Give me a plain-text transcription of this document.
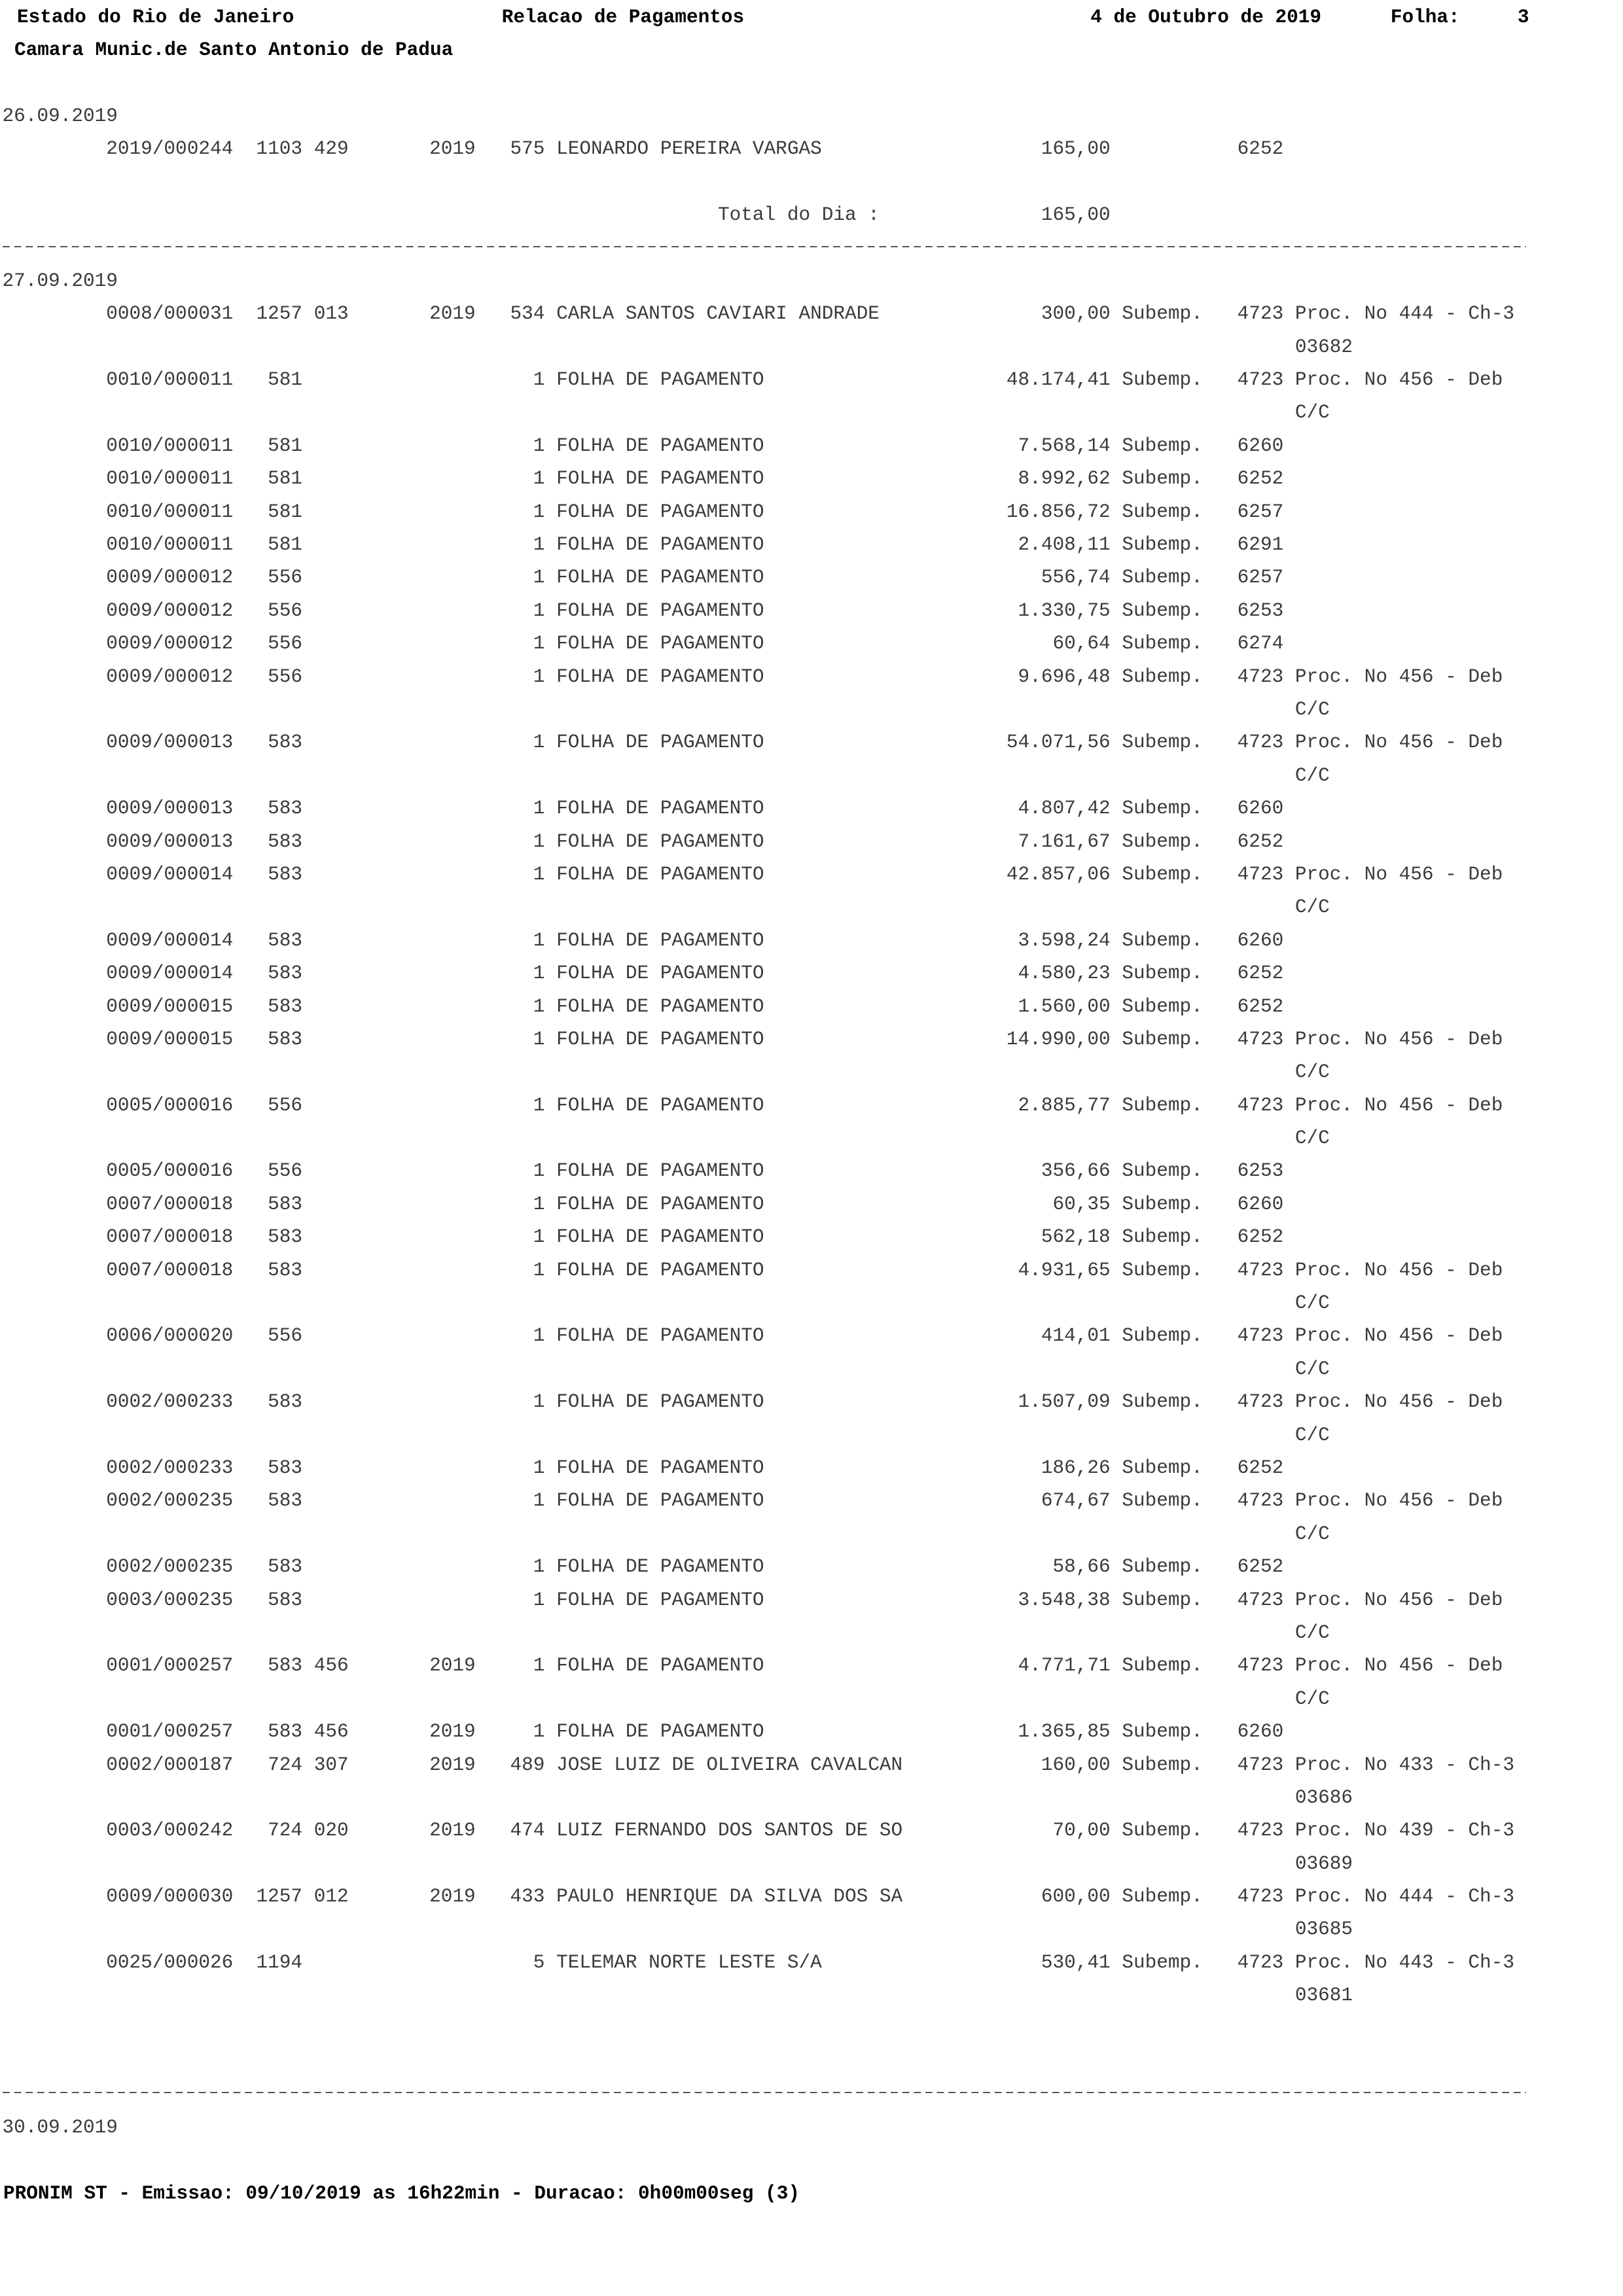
Estado do Rio de Janeiro	Relacao de Pagamentos	4 de Outubro de 2019	Folha:	3
Camara Munic.de Santo Antonio de Padua
26.09.2019
2019/000244 1103 429	2019	575 LEONARDO PEREIRA VARGAS	165,00	6252
Total do Dia :	165,00
27.09.2019
0008/000031 1257 013	2019	534 CARLA SANTOS CAVIARI ANDRADE	300,00 Subemp. 4723 Proc. No 444 - Ch-3
03682
0010/000011	581	1 FOLHA DE PAGAMENTO	48.174,41 Subemp. 4723 Proc. No 456 - Deb
C/C
0010/000011	581	1 FOLHA DE PAGAMENTO	7.568,14 Subemp. 6260
0010/000011	581	1 FOLHA DE PAGAMENTO	8.992,62 Subemp. 6252
0010/000011	581	1 FOLHA DE PAGAMENTO	16.856,72 Subemp. 6257
0010/000011	581	1 FOLHA DE PAGAMENTO	2.408,11 Subemp. 6291
0009/000012	556	1 FOLHA DE PAGAMENTO	556,74 Subemp. 6257
0009/000012	556	1 FOLHA DE PAGAMENTO	1.330,75 Subemp. 6253
0009/000012	556	1 FOLHA DE PAGAMENTO	60,64 Subemp. 6274
0009/000012	556	1 FOLHA DE PAGAMENTO	9.696,48 Subemp. 4723 Proc. No 456 - Deb
C/C
0009/000013	583	1 FOLHA DE PAGAMENTO	54.071,56 Subemp. 4723 Proc. No 456 - Deb
C/C
0009/000013	583	1 FOLHA DE PAGAMENTO	4.807,42 Subemp. 6260
0009/000013	583	1 FOLHA DE PAGAMENTO	7.161,67 Subemp. 6252
0009/000014	583	1 FOLHA DE PAGAMENTO	42.857,06 Subemp. 4723 Proc. No 456 - Deb
C/C
0009/000014	583	1 FOLHA DE PAGAMENTO	3.598,24 Subemp. 6260
0009/000014	583	1 FOLHA DE PAGAMENTO	4.580,23 Subemp. 6252
0009/000015	583	1 FOLHA DE PAGAMENTO	1.560,00 Subemp. 6252
0009/000015	583	1 FOLHA DE PAGAMENTO	14.990,00 Subemp. 4723 Proc. No 456 - Deb
C/C
0005/000016	556	1 FOLHA DE PAGAMENTO	2.885,77 Subemp. 4723 Proc. No 456 - Deb
C/C
0005/000016	556	1 FOLHA DE PAGAMENTO	356,66 Subemp. 6253
0007/000018	583	1 FOLHA DE PAGAMENTO	60,35 Subemp. 6260
0007/000018	583	1 FOLHA DE PAGAMENTO	562,18 Subemp. 6252
0007/000018	583	1 FOLHA DE PAGAMENTO	4.931,65 Subemp. 4723 Proc. No 456 - Deb
C/C
0006/000020	556	1 FOLHA DE PAGAMENTO	414,01 Subemp. 4723 Proc. No 456 - Deb
C/C
0002/000233	583	1 FOLHA DE PAGAMENTO	1.507,09 Subemp. 4723 Proc. No 456 - Deb
C/C
0002/000233	583	1 FOLHA DE PAGAMENTO	186,26 Subemp. 6252
0002/000235	583	1 FOLHA DE PAGAMENTO	674,67 Subemp. 4723 Proc. No 456 - Deb
C/C
0002/000235	583	1 FOLHA DE PAGAMENTO	58,66 Subemp. 6252
0003/000235	583	1 FOLHA DE PAGAMENTO	3.548,38 Subemp. 4723 Proc. No 456 - Deb
C/C
0001/000257	583 456	2019	1 FOLHA DE PAGAMENTO	4.771,71 Subemp. 4723 Proc. No 456 - Deb
C/C
0001/000257	583 456	2019	1 FOLHA DE PAGAMENTO	1.365,85 Subemp. 6260
0002/000187	724 307	2019	489 JOSE LUIZ DE OLIVEIRA CAVALCAN	160,00 Subemp. 4723 Proc. No 433 - Ch-3
03686
0003/000242	724 020	2019	474 LUIZ FERNANDO DOS SANTOS DE SO	70,00 Subemp. 4723 Proc. No 439 - Ch-3
03689
0009/000030 1257 012	2019	433 PAULO HENRIQUE DA SILVA DOS SA	600,00 Subemp. 4723 Proc. No 444 - Ch-3
03685
0025/000026 1194	5 TELEMAR NORTE LESTE S/A	530,41 Subemp. 4723 Proc. No 443 - Ch-3
03681
30.09.2019
PRONIM ST - Emissao: 09/10/2019 as 16h22min - Duracao: 0h00m00seg (3)
